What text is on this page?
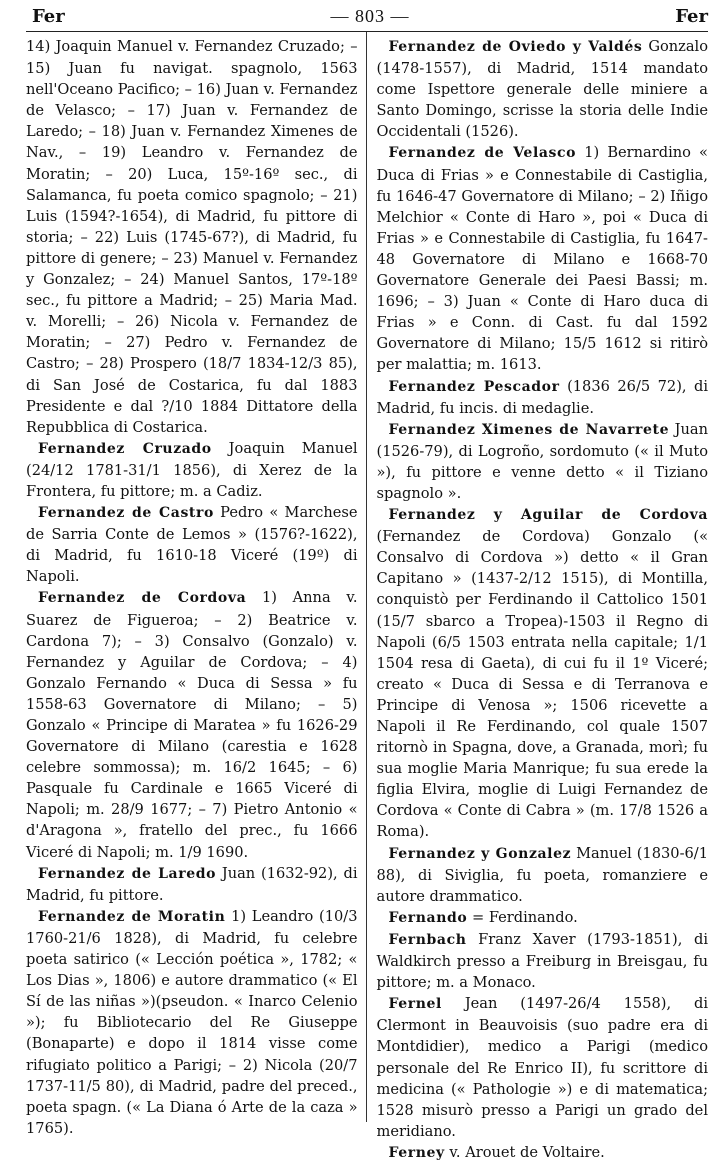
Fer	— 803 —	Fer

14) Joaquin Manuel v. Fernandez Cruzado; – 15) Juan fu navigat. spagnolo, 1563 nell'Oceano Pacifico; – 16) Juan v. Fernandez de Velasco; – 17) Juan v. Fernandez de Laredo; – 18) Juan v. Fernandez Ximenes de Nav., – 19) Leandro v. Fernandez de Moratin; – 20) Luca, 15º-16º sec., di Salamanca, fu poeta comico spagnolo; – 21) Luis (1594?-1654), di Madrid, fu pittore di storia; – 22) Luis (1745-67?), di Madrid, fu pittore di genere; – 23) Manuel v. Fernandez y Gonzalez; – 24) Manuel Santos, 17º-18º sec., fu pittore a Madrid; – 25) Maria Mad. v. Morelli; – 26) Nicola v. Fernandez de Moratin; – 27) Pedro v. Fernandez de Castro; – 28) Prospero (18/7 1834-12/3 85), di San José de Costarica, fu dal 1883 Presidente e dal ?/10 1884 Dittatore della Repubblica di Costarica.

Fernandez Cruzado Joaquin Manuel (24/12 1781-31/1 1856), di Xerez de la Frontera, fu pittore; m. a Cadiz.

Fernandez de Castro Pedro « Marchese de Sarria Conte de Lemos » (1576?-1622), di Madrid, fu 1610-18 Viceré (19º) di Napoli.

Fernandez de Cordova 1) Anna v. Suarez de Figueroa; – 2) Beatrice v. Cardona 7); – 3) Consalvo (Gonzalo) v. Fernandez y Aguilar de Cordova; – 4) Gonzalo Fernando « Duca di Sessa » fu 1558-63 Governatore di Milano; – 5) Gonzalo « Principe di Maratea » fu 1626-29 Governatore di Milano (carestia e 1628 celebre sommossa); m. 16/2 1645; – 6) Pasquale fu Cardinale e 1665 Viceré di Napoli; m. 28/9 1677; – 7) Pietro Antonio « d'Aragona », fratello del prec., fu 1666 Viceré di Napoli; m. 1/9 1690.

Fernandez de Laredo Juan (1632-92), di Madrid, fu pittore.

Fernandez de Moratin 1) Leandro (10/3 1760-21/6 1828), di Madrid, fu celebre poeta satirico (« Lección poética », 1782; « Los Dias », 1806) e autore drammatico (« El Sí de las niñas »)(pseudon. « Inarco Celenio »); fu Bibliotecario del Re Giuseppe (Bonaparte) e dopo il 1814 visse come rifugiato politico a Parigi; – 2) Nicola (20/7 1737-11/5 80), di Madrid, padre del preced., poeta spagn. (« La Diana ó Arte de la caza » 1765).

Fernandez de Oviedo y Valdés Gonzalo (1478-1557), di Madrid, 1514 mandato come Ispettore generale delle miniere a Santo Domingo, scrisse la storia delle Indie Occidentali (1526).

Fernandez de Velasco 1) Bernardino « Duca di Frias » e Connestabile di Castiglia, fu 1646-47 Governatore di Milano; – 2) Iñigo Melchior « Conte di Haro », poi « Duca di Frias » e Connestabile di Castiglia, fu 1647-48 Governatore di Milano e 1668-70 Governatore Generale dei Paesi Bassi; m. 1696; – 3) Juan « Conte di Haro duca di Frias » e Conn. di Cast. fu dal 1592 Governatore di Milano; 15/5 1612 si ritirò per malattia; m. 1613.

Fernandez Pescador (1836 26/5 72), di Madrid, fu incis. di medaglie.

Fernandez Ximenes de Navarrete Juan (1526-79), di Logroño, sordomuto (« il Muto »), fu pittore e venne detto « il Tiziano spagnolo ».

Fernandez y Aguilar de Cordova (Fernandez de Cordova) Gonzalo (« Consalvo di Cordova ») detto « il Gran Capitano » (1437-2/12 1515), di Montilla, conquistò per Ferdinando il Cattolico 1501 (15/7 sbarco a Tropea)-1503 il Regno di Napoli (6/5 1503 entrata nella capitale; 1/1 1504 resa di Gaeta), di cui fu il 1º Viceré; creato « Duca di Sessa e di Terranova e Principe di Venosa »; 1506 ricevette a Napoli il Re Ferdinando, col quale 1507 ritornò in Spagna, dove, a Granada, morì; fu sua moglie Maria Manrique; fu sua erede la figlia Elvira, moglie di Luigi Fernandez de Cordova « Conte di Cabra » (m. 17/8 1526 a Roma).

Fernandez y Gonzalez Manuel (1830-6/1 88), di Siviglia, fu poeta, romanziere e autore drammatico.

Fernando = Ferdinando.

Fernbach Franz Xaver (1793-1851), di Waldkirch presso a Freiburg in Breisgau, fu pittore; m. a Monaco.

Fernel Jean (1497-26/4 1558), di Clermont in Beauvoisis (suo padre era di Montdidier), medico a Parigi (medico personale del Re Enrico II), fu scrittore di medicina (« Pathologie ») e di matematica; 1528 misurò presso a Parigi un grado del meridiano.

Ferney v. Arouet de Voltaire.
